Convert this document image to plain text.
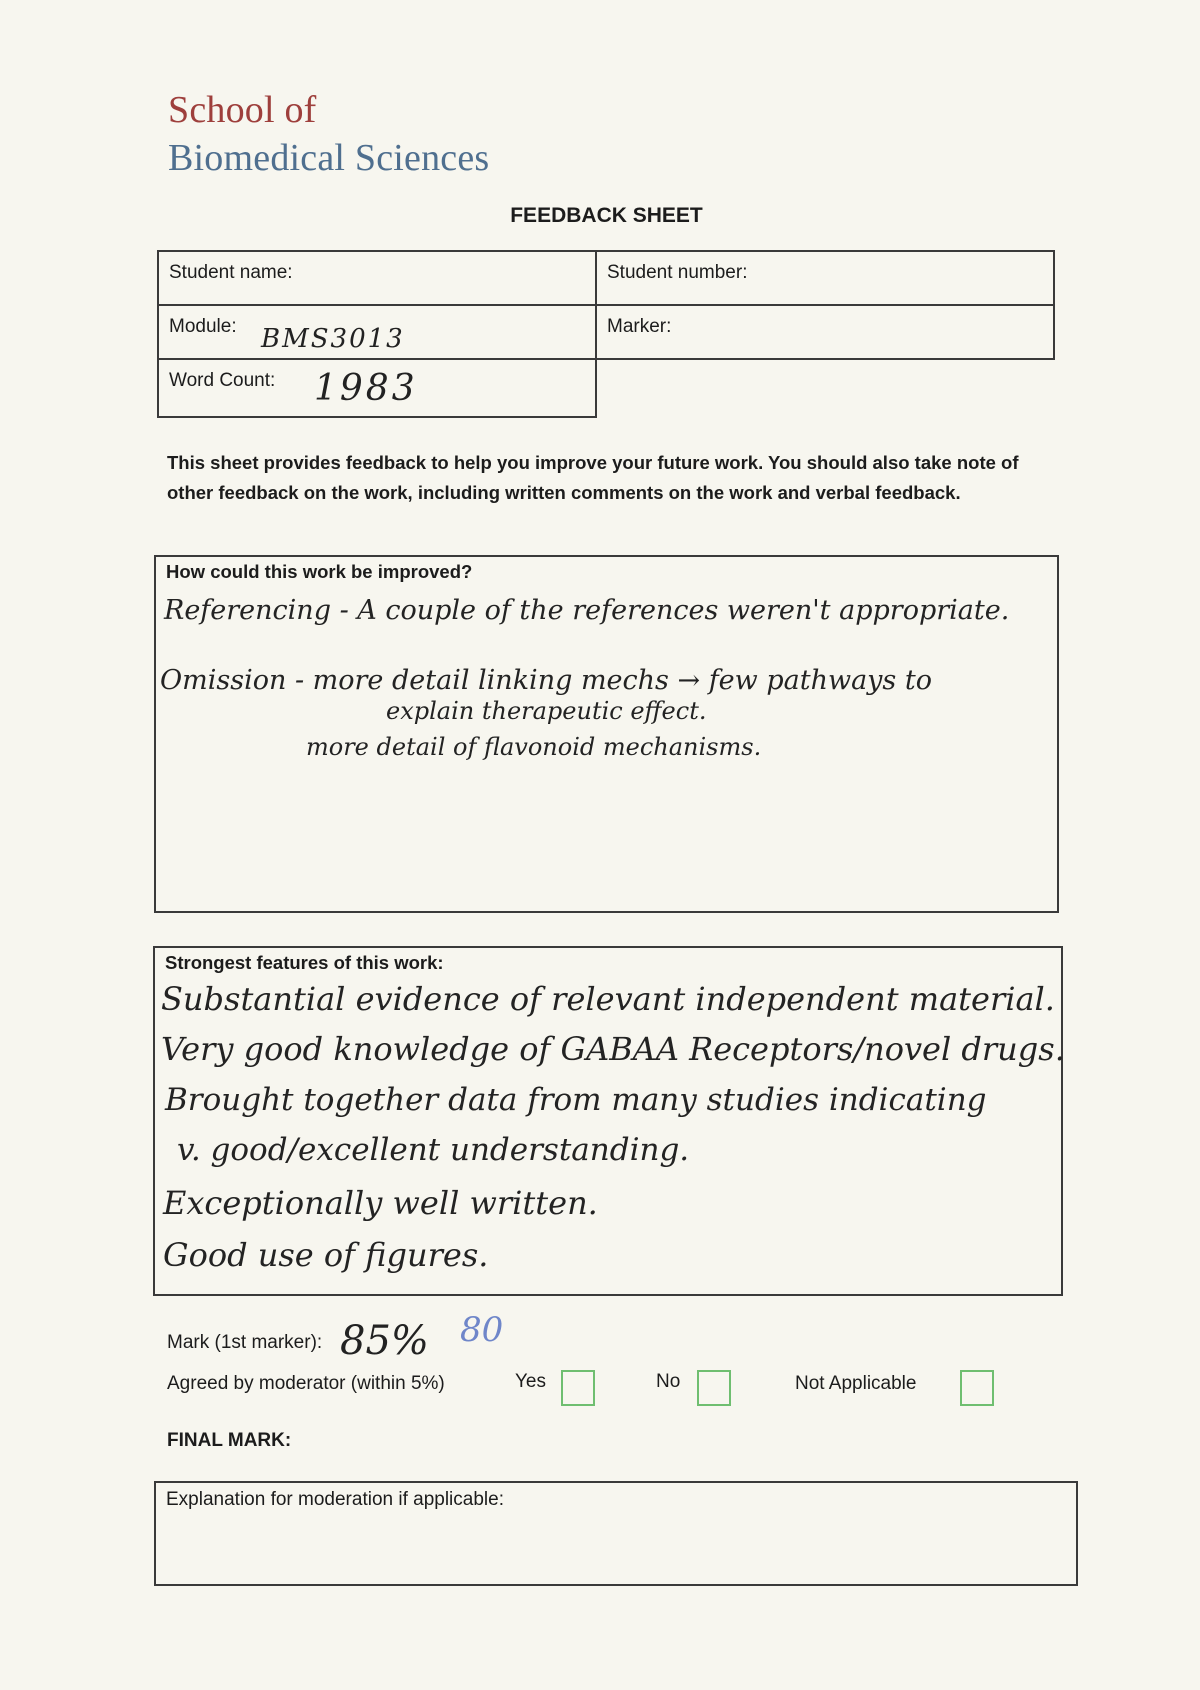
School of
Biomedical Sciences
FEEDBACK SHEET
Student name:	Student number:
Module: BMS3013	Marker:
Word Count: 1983
This sheet provides feedback to help you improve your future work. You should also take note of other feedback on the work, including written comments on the work and verbal feedback.
How could this work be improved?
Referencing - A couple of the references weren't appropriate.
Omission - more detail linking mechs → few pathways to
explain therapeutic effect.
more detail of flavonoid mechanisms.
Strongest features of this work:
Substantial evidence of relevant independent material.
Very good knowledge of GABAA Receptors/novel drugs.
Brought together data from many studies indicating
v. good/excellent understanding.
Exceptionally well written.
Good use of figures.
Mark (1st marker): 85% 80
Agreed by moderator (within 5%)	Yes	No	Not Applicable
FINAL MARK:
Explanation for moderation if applicable:
